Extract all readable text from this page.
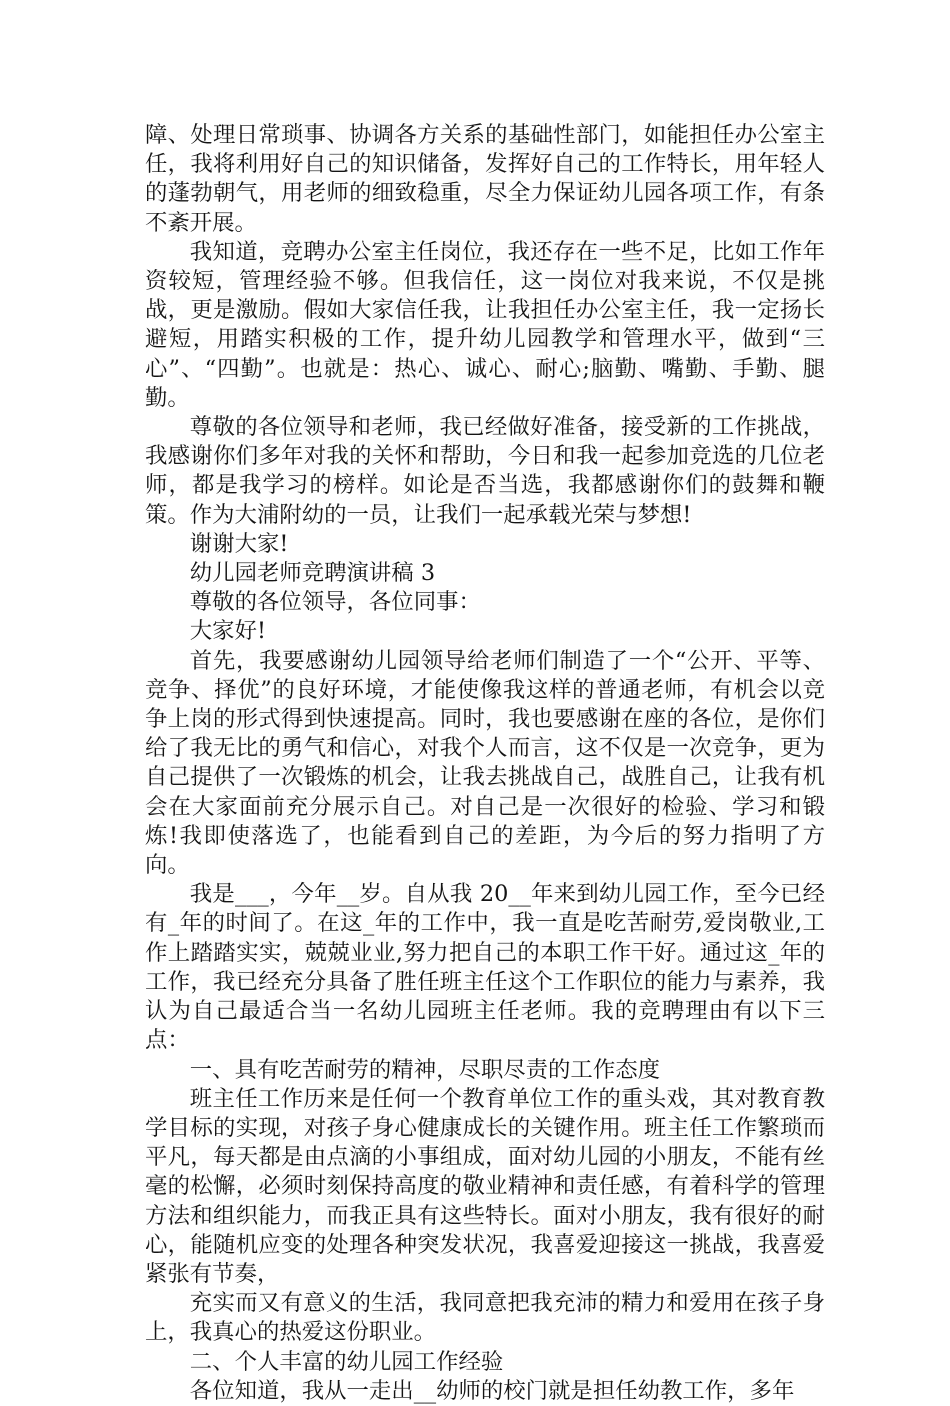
障、处理日常琐事、协调各方关系的基础性部门，如能担任办公室主任，我将利用好自己的知识储备，发挥好自己的工作特长，用年轻人的蓬勃朝气，用老师的细致稳重，尽全力保证幼儿园各项工作，有条不紊开展。

我知道，竞聘办公室主任岗位，我还存在一些不足，比如工作年资较短，管理经验不够。但我信任，这一岗位对我来说，不仅是挑战，更是激励。假如大家信任我，让我担任办公室主任，我一定扬长避短，用踏实积极的工作，提升幼儿园教学和管理水平，做到“三心”、“四勤”。也就是：热心、诚心、耐心;脑勤、嘴勤、手勤、腿勤。

尊敬的各位领导和老师，我已经做好准备，接受新的工作挑战，我感谢你们多年对我的关怀和帮助，今日和我一起参加竞选的几位老师，都是我学习的榜样。如论是否当选，我都感谢你们的鼓舞和鞭策。作为大浦附幼的一员，让我们一起承载光荣与梦想!

谢谢大家!

幼儿园老师竞聘演讲稿 3

尊敬的各位领导，各位同事：

大家好!

首先，我要感谢幼儿园领导给老师们制造了一个“公开、平等、竞争、择优”的良好环境，才能使像我这样的普通老师，有机会以竞争上岗的形式得到快速提高。同时，我也要感谢在座的各位，是你们给了我无比的勇气和信心，对我个人而言，这不仅是一次竞争，更为自己提供了一次锻炼的机会，让我去挑战自己，战胜自己，让我有机会在大家面前充分展示自己。对自己是一次很好的检验、学习和锻炼!我即使落选了，也能看到自己的差距，为今后的努力指明了方向。

我是___，今年__岁。自从我 20__年来到幼儿园工作，至今已经有_年的时间了。在这_年的工作中，我一直是吃苦耐劳,爱岗敬业,工作上踏踏实实，兢兢业业,努力把自己的本职工作干好。通过这_年的工作，我已经充分具备了胜任班主任这个工作职位的能力与素养，我认为自己最适合当一名幼儿园班主任老师。我的竞聘理由有以下三点：

一、具有吃苦耐劳的精神，尽职尽责的工作态度

班主任工作历来是任何一个教育单位工作的重头戏，其对教育教学目标的实现，对孩子身心健康成长的关键作用。班主任工作繁琐而平凡，每天都是由点滴的小事组成，面对幼儿园的小朋友，不能有丝毫的松懈，必须时刻保持高度的敬业精神和责任感，有着科学的管理方法和组织能力，而我正具有这些特长。面对小朋友，我有很好的耐心，能随机应变的处理各种突发状况，我喜爱迎接这一挑战，我喜爱紧张有节奏，

充实而又有意义的生活，我同意把我充沛的精力和爱用在孩子身上，我真心的热爱这份职业。

二、个人丰富的幼儿园工作经验

各位知道，我从一走出__幼师的校门就是担任幼教工作，多年
